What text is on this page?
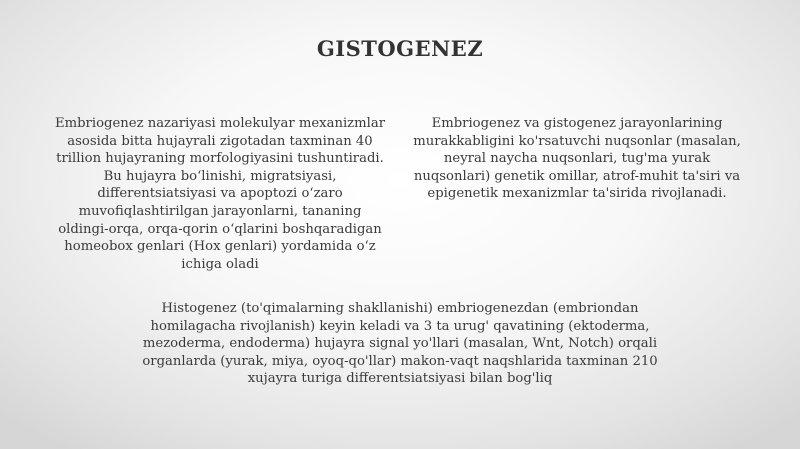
GISTOGENEZ
Embriogenez nazariyasi molekulyar mexanizmlar asosida bitta hujayrali zigotadan taxminan 40 trillion hujayraning morfologiyasini tushuntiradi. Bu hujayra bo‘linishi, migratsiyasi, differentsiatsiyasi va apoptozi o‘zaro muvofiqlashtirilgan jarayonlarni, tananing oldingi-orqa, orqa-qorin o‘qlarini boshqaradigan homeobox genlari (Hox genlari) yordamida o‘z ichiga oladi
Embriogenez va gistogenez jarayonlarining murakkabligini ko'rsatuvchi nuqsonlar (masalan, neyral naycha nuqsonlari, tug'ma yurak nuqsonlari) genetik omillar, atrof-muhit ta'siri va epigenetik mexanizmlar ta'sirida rivojlanadi.
Histogenez (to'qimalarning shakllanishi) embriogenezdan (embriondan homilagacha rivojlanish) keyin keladi va 3 ta urug' qavatining (ektoderma, mezoderma, endoderma) hujayra signal yo'llari (masalan, Wnt, Notch) orqali organlarda (yurak, miya, oyoq-qo'llar) makon-vaqt naqshlarida taxminan 210 xujayra turiga differentsiatsiyasi bilan bog'liq
